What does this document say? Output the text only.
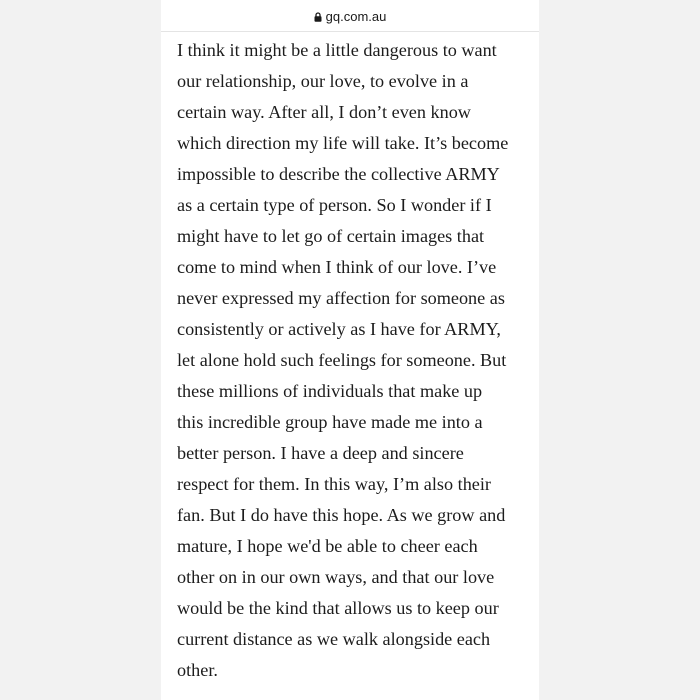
gq.com.au

I think it might be a little dangerous to want

our relationship, our love, to evolve in a

certain way. After all, I don’t even know

which direction my life will take. It’s become

impossible to describe the collective ARMY

as a certain type of person. So I wonder if I

might have to let go of certain images that

come to mind when I think of our love. I’ve

never expressed my affection for someone as

consistently or actively as I have for ARMY,

let alone hold such feelings for someone. But

these millions of individuals that make up

this incredible group have made me into a

better person. I have a deep and sincere

respect for them. In this way, I’m also their

fan. But I do have this hope. As we grow and

mature, I hope we'd be able to cheer each

other on in our own ways, and that our love

would be the kind that allows us to keep our

current distance as we walk alongside each

other.
